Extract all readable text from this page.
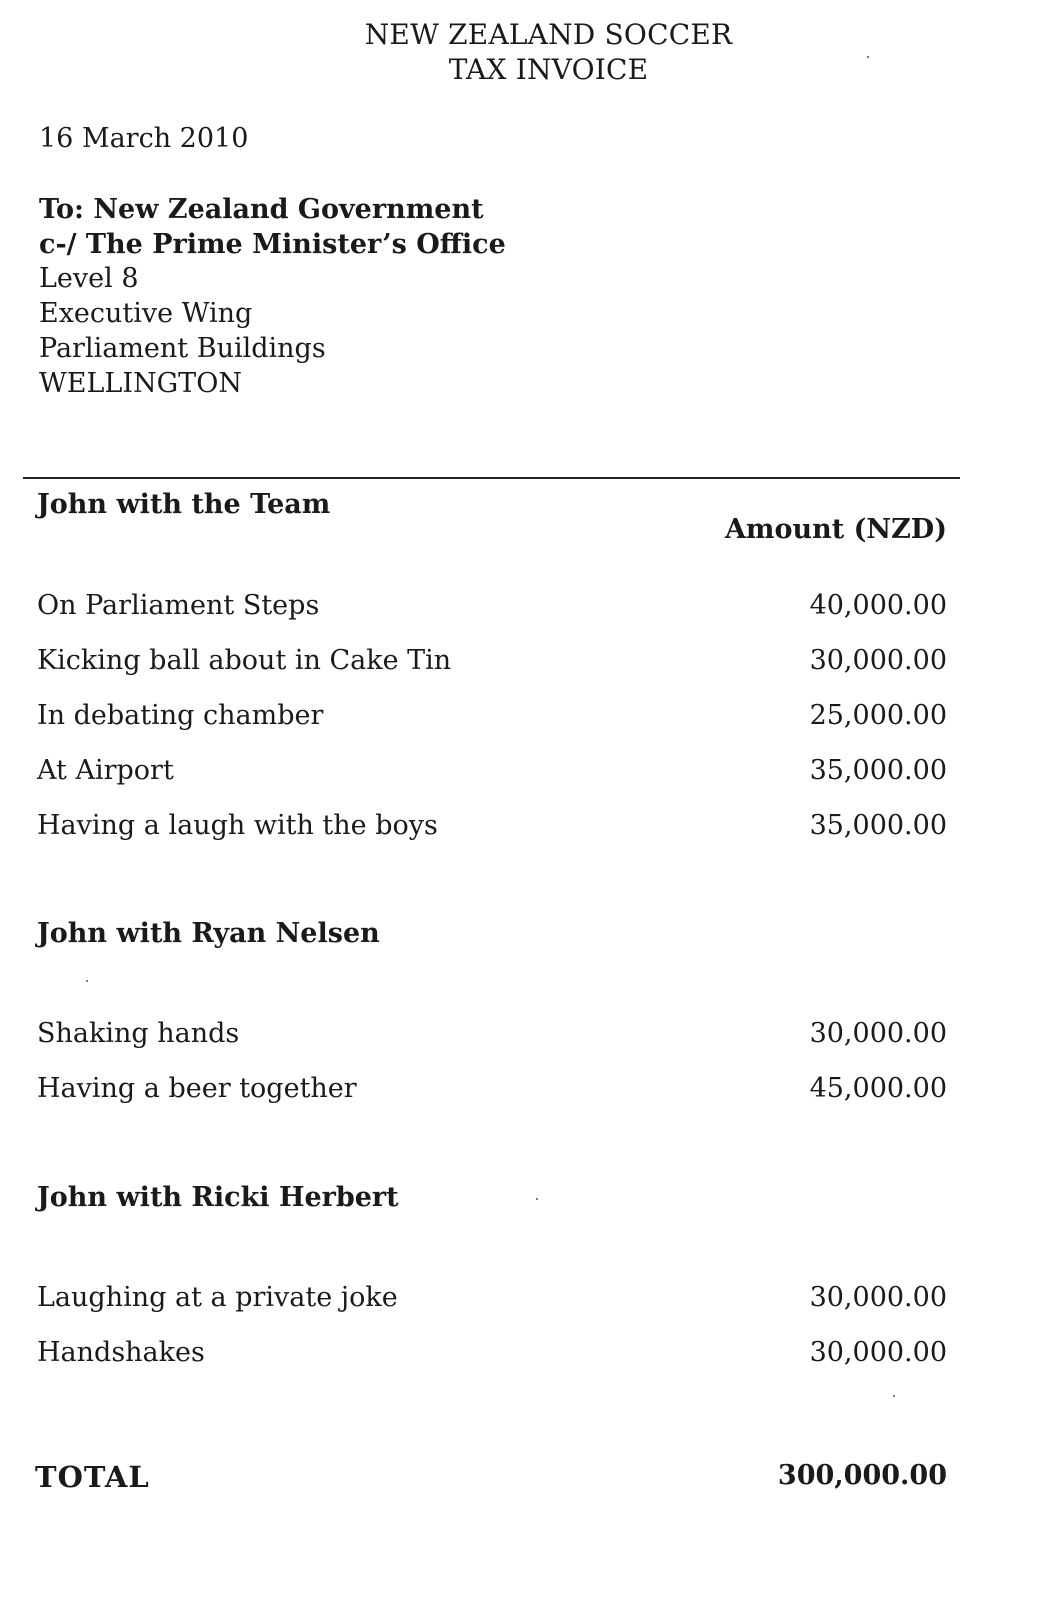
NEW ZEALAND SOCCER
TAX INVOICE
16 March 2010
To: New Zealand Government
c-/ The Prime Minister’s Office
Level 8
Executive Wing
Parliament Buildings
WELLINGTON
John with the Team
Amount (NZD)
On Parliament Steps	40,000.00
Kicking ball about in Cake Tin	30,000.00
In debating chamber	25,000.00
At Airport	35,000.00
Having a laugh with the boys	35,000.00
John with Ryan Nelsen
Shaking hands	30,000.00
Having a beer together	45,000.00
John with Ricki Herbert
Laughing at a private joke	30,000.00
Handshakes	30,000.00
TOTAL	300,000.00
